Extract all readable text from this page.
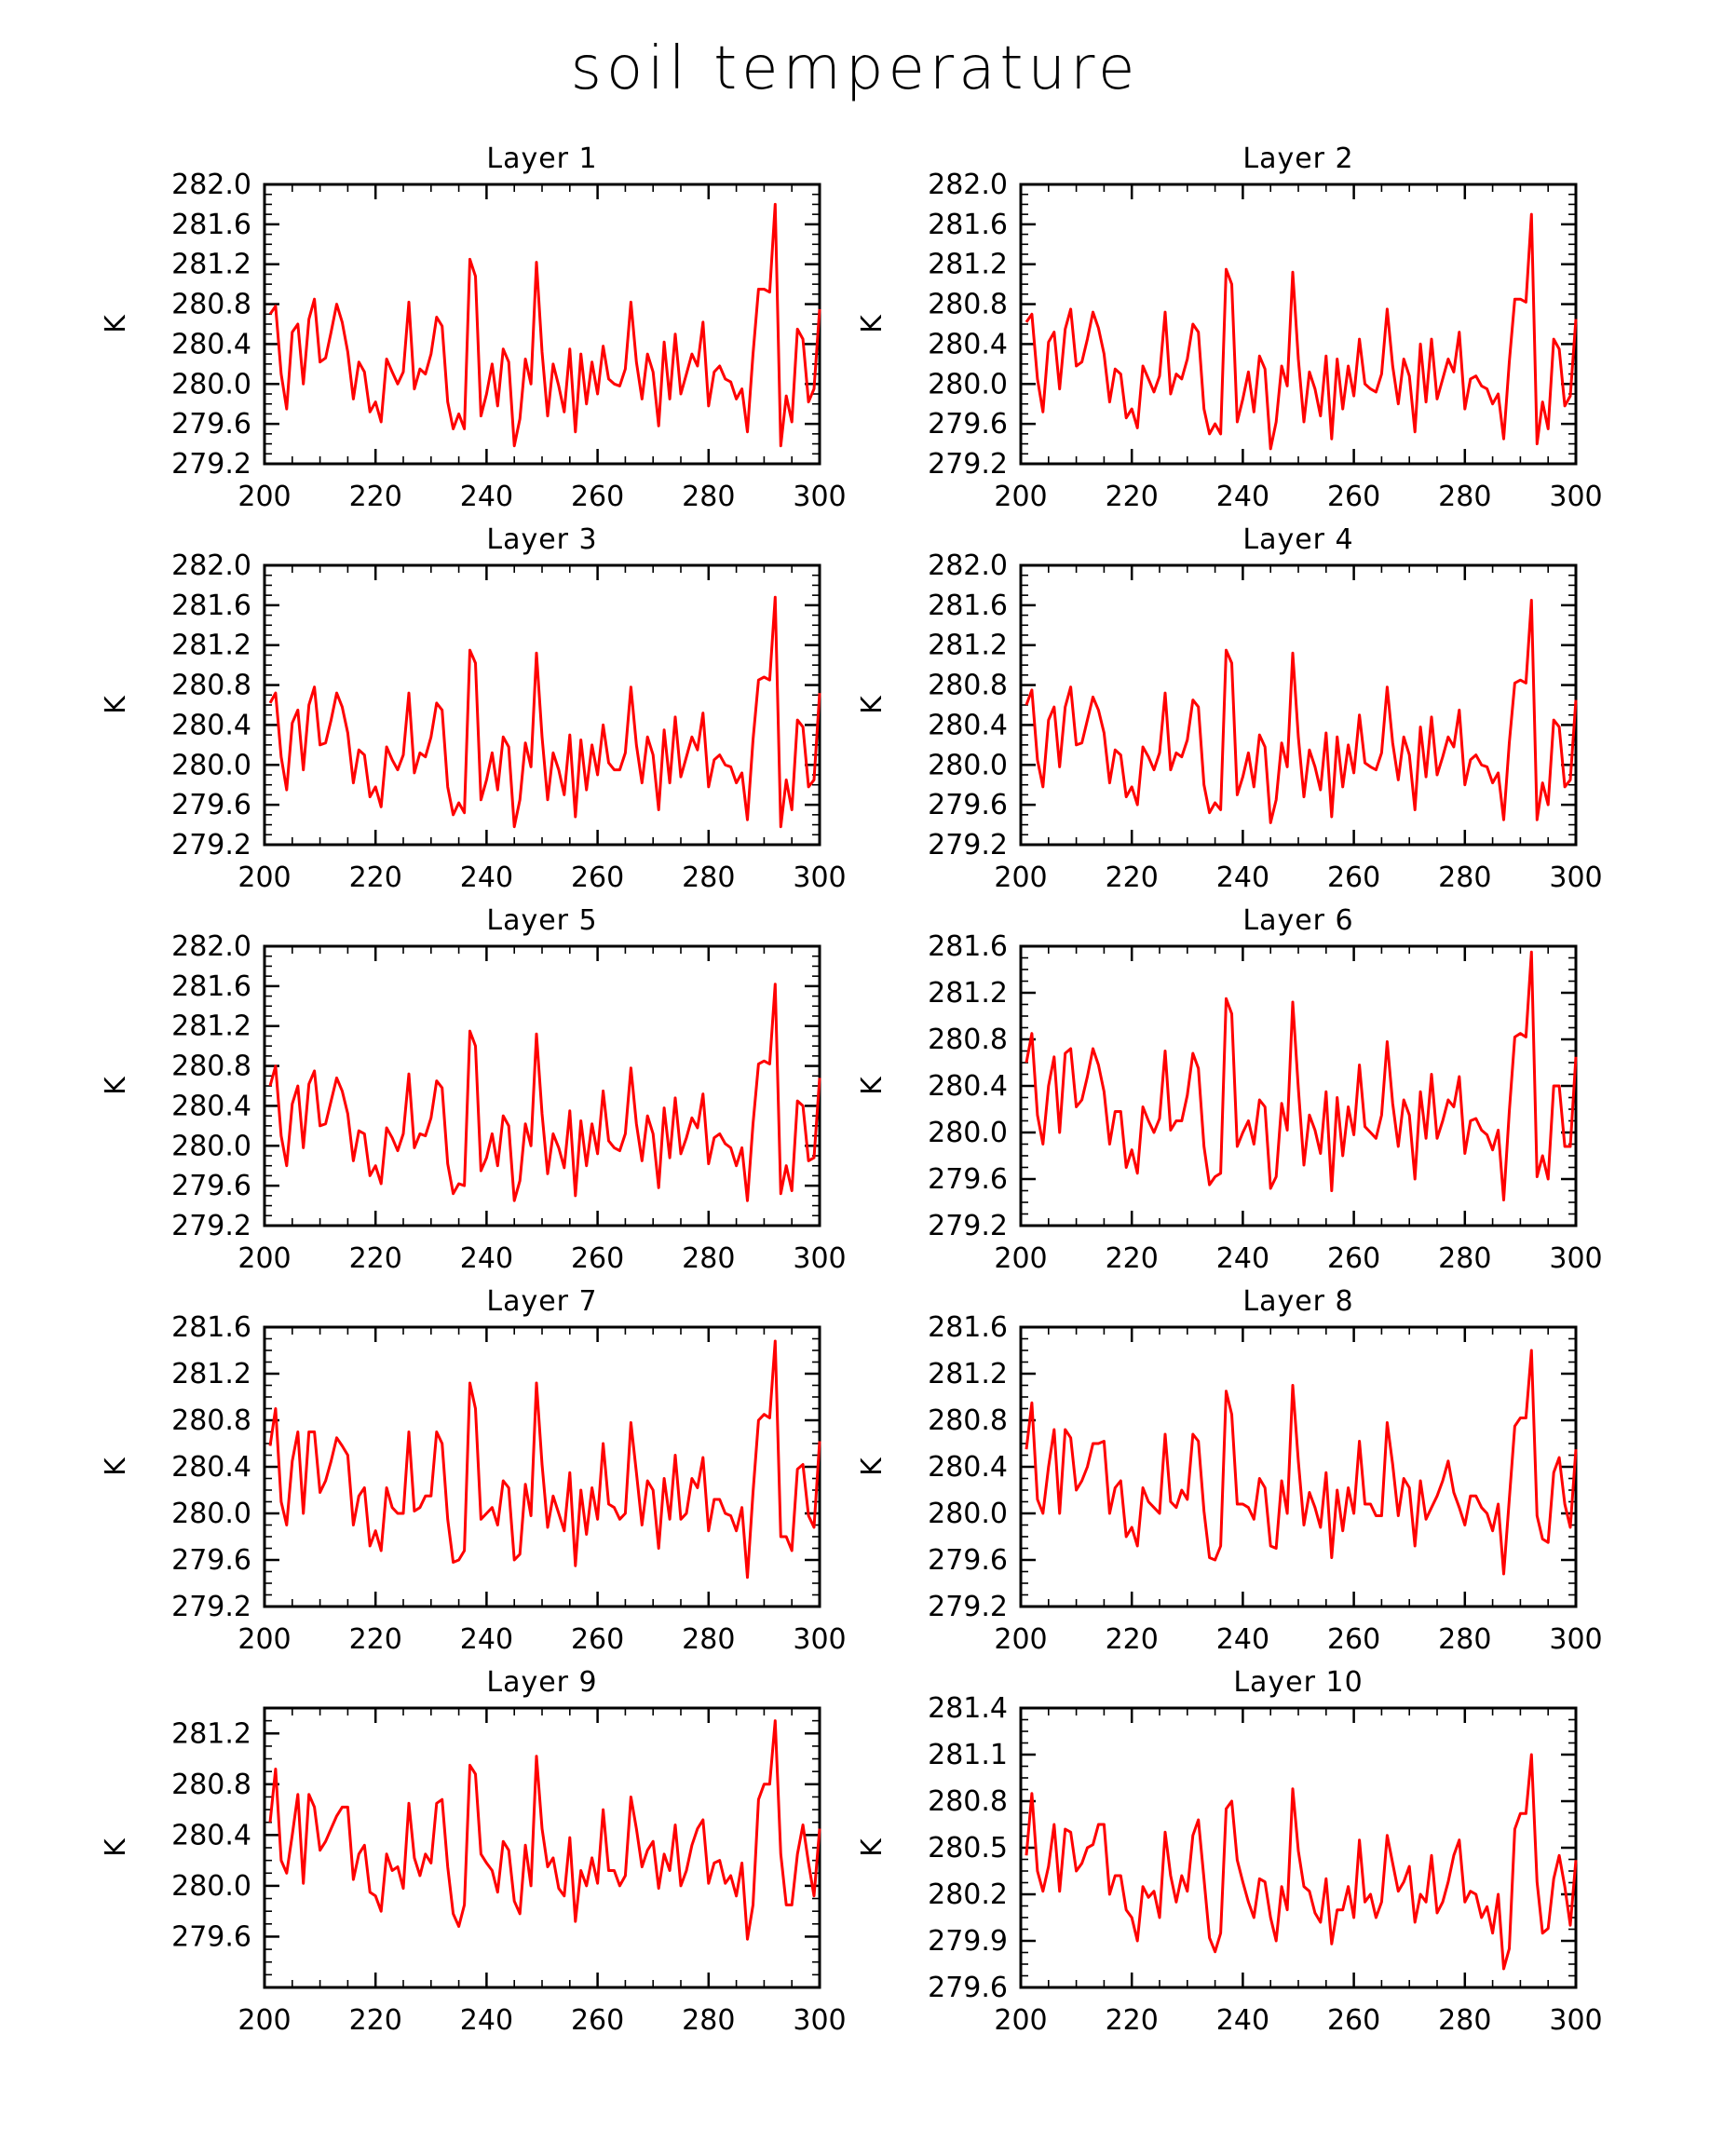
soil temperature
Layer 1
279.2
279.6
280.0
280.4
280.8
281.2
281.6
282.0
200 220 240 260 280 300
K
Layer 2
279.2
279.6
280.0
280.4
280.8
281.2
281.6
282.0
200 220 240 260 280 300
K
Layer 3
279.2
279.6
280.0
280.4
280.8
281.2
281.6
282.0
200 220 240 260 280 300
K
Layer 4
279.2
279.6
280.0
280.4
280.8
281.2
281.6
282.0
200 220 240 260 280 300
K
Layer 5
279.2
279.6
280.0
280.4
280.8
281.2
281.6
282.0
200 220 240 260 280 300
K
Layer 6
279.2
279.6
280.0
280.4
280.8
281.2
281.6
200 220 240 260 280 300
K
Layer 7
279.2
279.6
280.0
280.4
280.8
281.2
281.6
200 220 240 260 280 300
K
Layer 8
279.2
279.6
280.0
280.4
280.8
281.2
281.6
200 220 240 260 280 300
K
Layer 9
279.6
280.0
280.4
280.8
281.2
200 220 240 260 280 300
K
Layer 10
279.6
279.9
280.2
280.5
280.8
281.1
281.4
200 220 240 260 280 300
K
